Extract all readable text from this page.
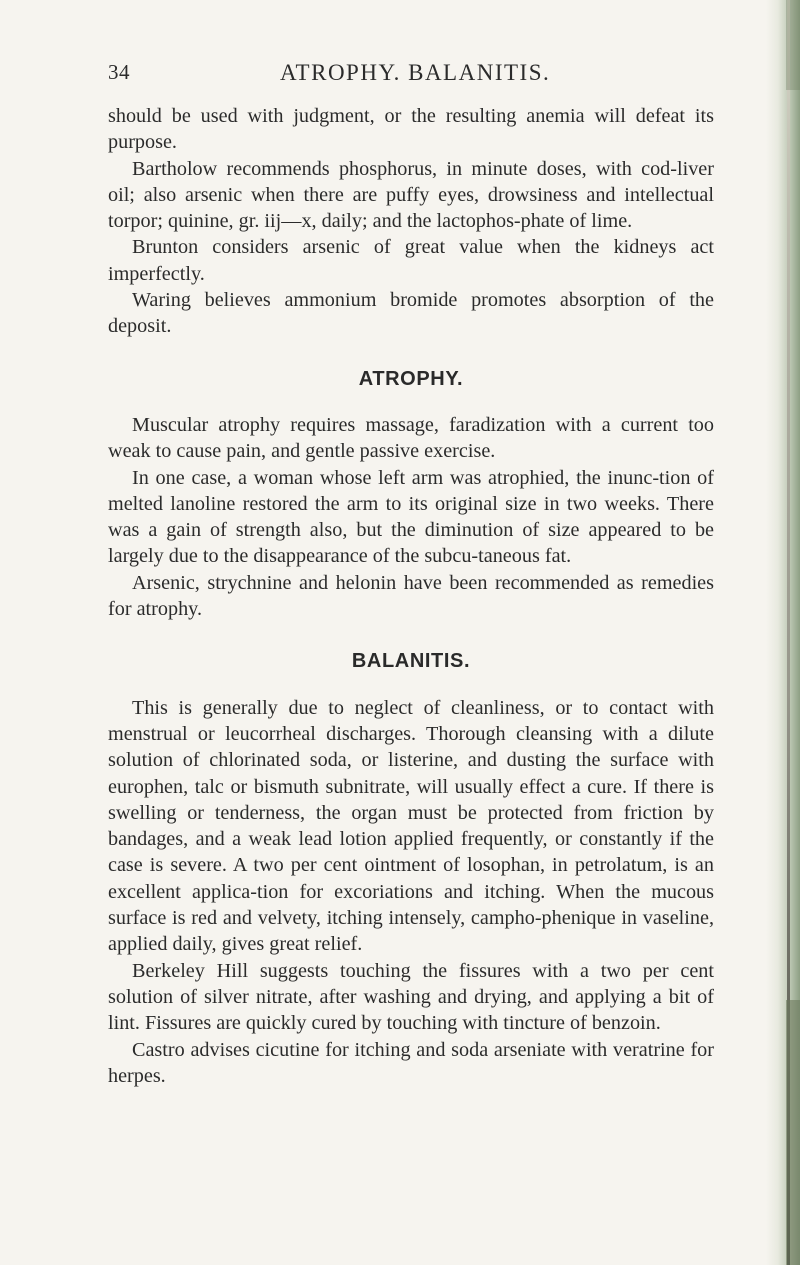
34	ATROPHY. BALANITIS.

should be used with judgment, or the resulting anemia will defeat its purpose.

Bartholow recommends phosphorus, in minute doses, with cod-liver oil; also arsenic when there are puffy eyes, drowsiness and intellectual torpor; quinine, gr. iij—x, daily; and the lactophos-phate of lime.

Brunton considers arsenic of great value when the kidneys act imperfectly.

Waring believes ammonium bromide promotes absorption of the deposit.

ATROPHY.

Muscular atrophy requires massage, faradization with a current too weak to cause pain, and gentle passive exercise.

In one case, a woman whose left arm was atrophied, the inunc-tion of melted lanoline restored the arm to its original size in two weeks. There was a gain of strength also, but the diminution of size appeared to be largely due to the disappearance of the subcu-taneous fat.

Arsenic, strychnine and helonin have been recommended as remedies for atrophy.

BALANITIS.

This is generally due to neglect of cleanliness, or to contact with menstrual or leucorrheal discharges. Thorough cleansing with a dilute solution of chlorinated soda, or listerine, and dusting the surface with europhen, talc or bismuth subnitrate, will usually effect a cure. If there is swelling or tenderness, the organ must be protected from friction by bandages, and a weak lead lotion applied frequently, or constantly if the case is severe. A two per cent ointment of losophan, in petrolatum, is an excellent applica-tion for excoriations and itching. When the mucous surface is red and velvety, itching intensely, campho-phenique in vaseline, applied daily, gives great relief.

Berkeley Hill suggests touching the fissures with a two per cent solution of silver nitrate, after washing and drying, and applying a bit of lint. Fissures are quickly cured by touching with tincture of benzoin.

Castro advises cicutine for itching and soda arseniate with veratrine for herpes.
